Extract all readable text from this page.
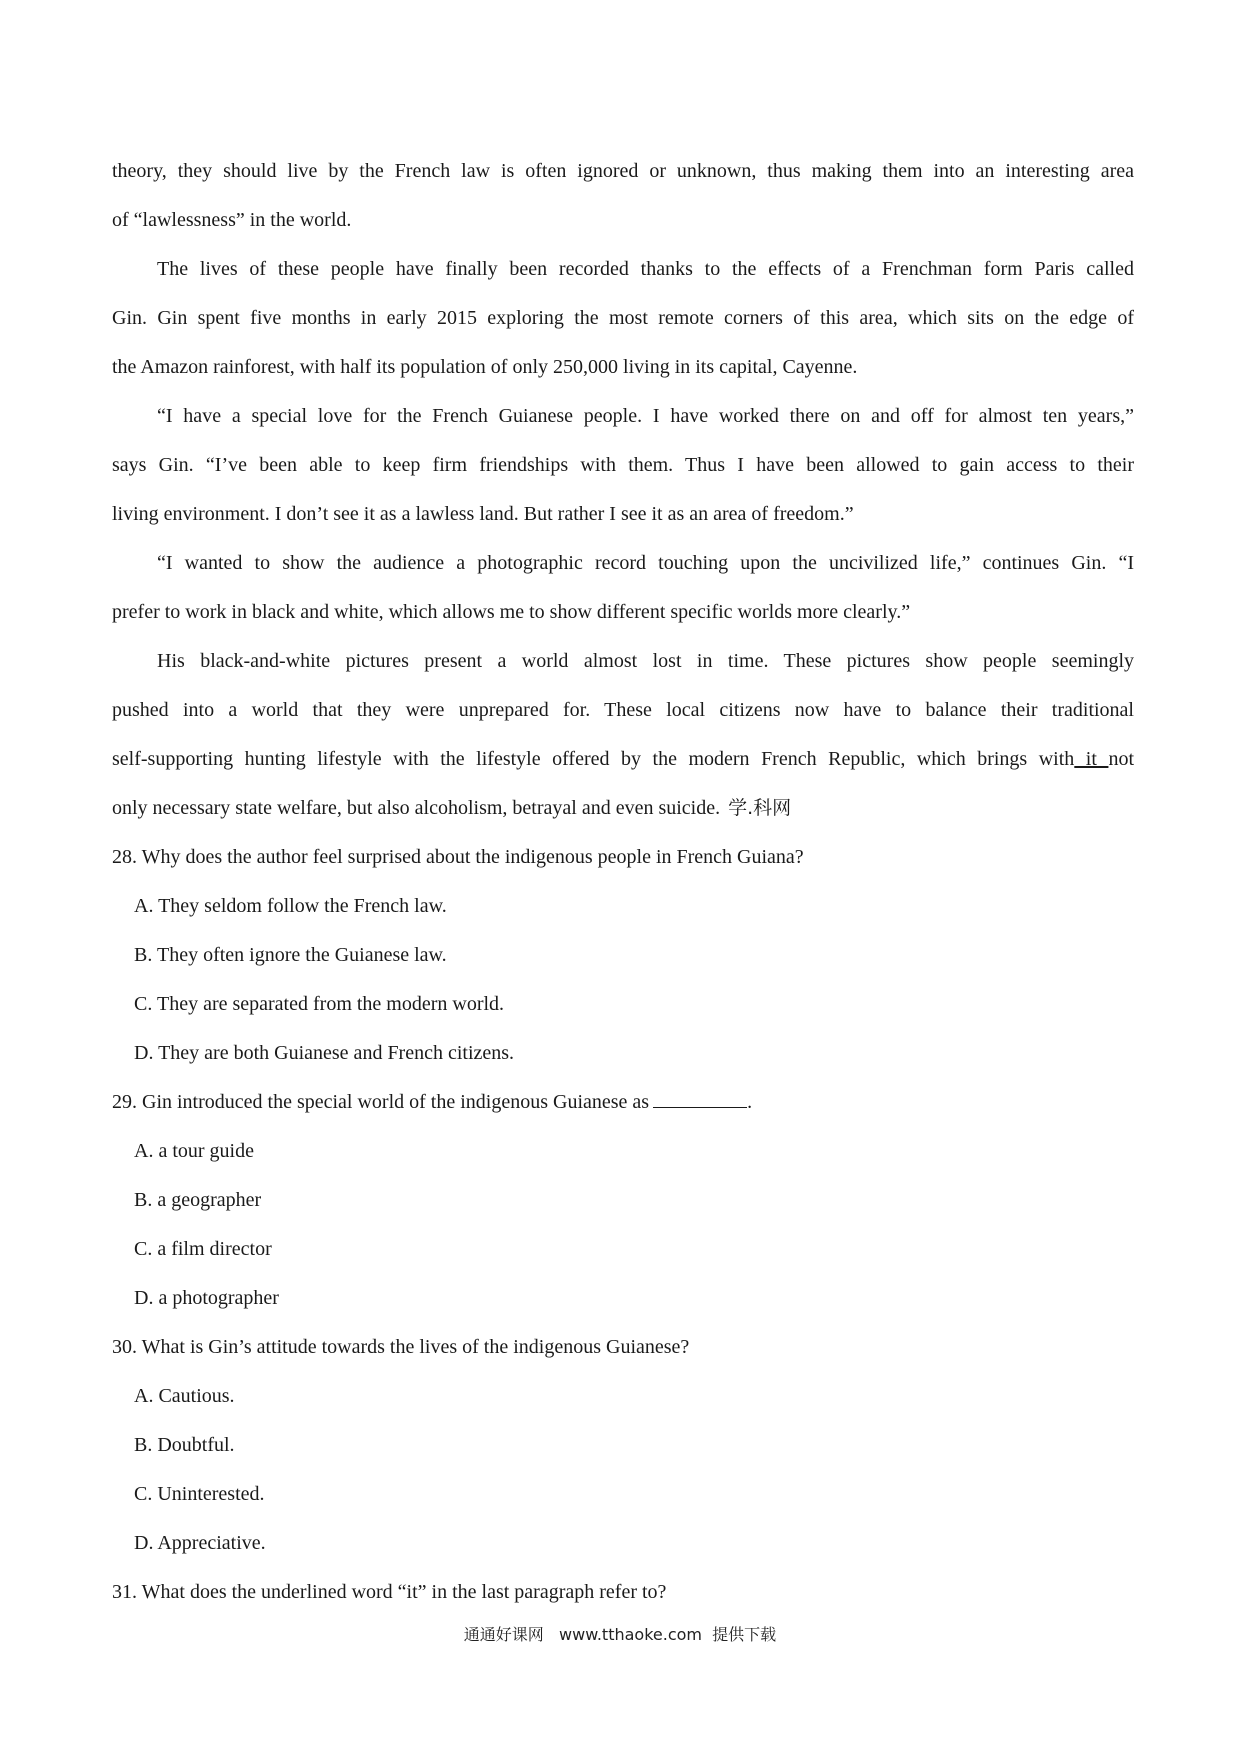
theory, they should live by the French law is often ignored or unknown, thus making them into an interesting area
of “lawlessness” in the world.
The lives of these people have finally been recorded thanks to the effects of a Frenchman form Paris called
Gin. Gin spent five months in early 2015 exploring the most remote corners of this area, which sits on the edge of
the Amazon rainforest, with half its population of only 250,000 living in its capital, Cayenne.
“I have a special love for the French Guianese people. I have worked there on and off for almost ten years,”
says Gin. “I’ve been able to keep firm friendships with them. Thus I have been allowed to gain access to their
living environment. I don’t see it as a lawless land. But rather I see it as an area of freedom.”
“I wanted to show the audience a photographic record touching upon the uncivilized life,” continues Gin. “I
prefer to work in black and white, which allows me to show different specific worlds more clearly.”
His black-and-white pictures present a world almost lost in time. These pictures show people seemingly
pushed into a world that they were unprepared for. These local citizens now have to balance their traditional
self-supporting hunting lifestyle with the lifestyle offered by the modern French Republic, which brings with it not
only necessary state welfare, but also alcoholism, betrayal and even suicide. 学.科网
28. Why does the author feel surprised about the indigenous people in French Guiana?
A. They seldom follow the French law.
B. They often ignore the Guianese law.
C. They are separated from the modern world.
D. They are both Guianese and French citizens.
29. Gin introduced the special world of the indigenous Guianese as	.
A. a tour guide
B. a geographer
C. a film director
D. a photographer
30. What is Gin’s attitude towards the lives of the indigenous Guianese?
A. Cautious.
B. Doubtful.
C. Uninterested.
D. Appreciative.
31. What does the underlined word “it” in the last paragraph refer to?
通通好课网   www.tthaoke.com  提供下载
